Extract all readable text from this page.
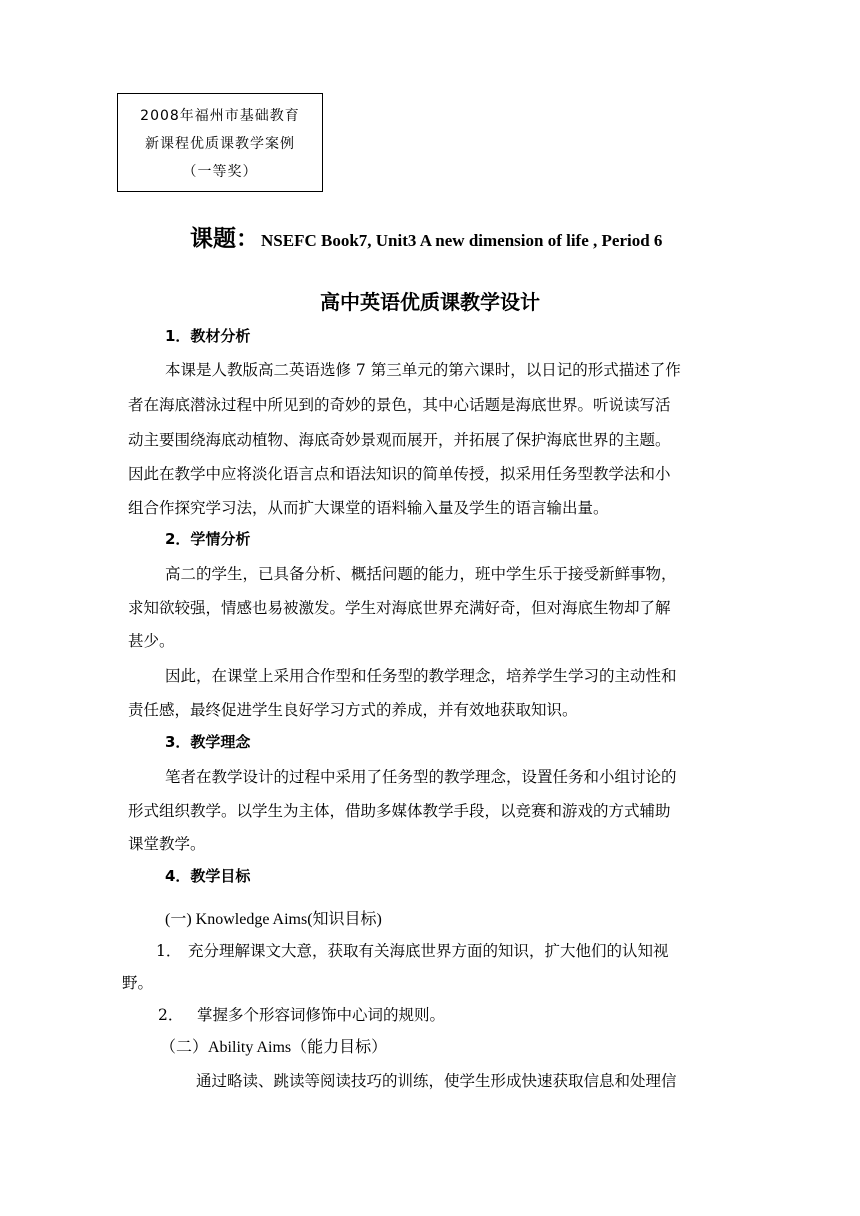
2008年福州市基础教育
新课程优质课教学案例
（一等奖）
课题： NSEFC Book7, Unit3 A new dimension of life , Period 6
高中英语优质课教学设计
1．教材分析
本课是人教版高二英语选修 7 第三单元的第六课时，以日记的形式描述了作
者在海底潜泳过程中所见到的奇妙的景色，其中心话题是海底世界。听说读写活
动主要围绕海底动植物、海底奇妙景观而展开，并拓展了保护海底世界的主题。
因此在教学中应将淡化语言点和语法知识的简单传授，拟采用任务型教学法和小
组合作探究学习法，从而扩大课堂的语料输入量及学生的语言输出量。
2．学情分析
高二的学生，已具备分析、概括问题的能力，班中学生乐于接受新鲜事物，
求知欲较强，情感也易被激发。学生对海底世界充满好奇，但对海底生物却了解
甚少。
因此，在课堂上采用合作型和任务型的教学理念，培养学生学习的主动性和
责任感，最终促进学生良好学习方式的养成，并有效地获取知识。
3．教学理念
笔者在教学设计的过程中采用了任务型的教学理念，设置任务和小组讨论的
形式组织教学。以学生为主体，借助多媒体教学手段，以竞赛和游戏的方式辅助
课堂教学。
4．教学目标
(一) Knowledge Aims(知识目标)
1． 充分理解课文大意，获取有关海底世界方面的知识，扩大他们的认知视
野。
2． 掌握多个形容词修饰中心词的规则。
（二）Ability Aims（能力目标）
通过略读、跳读等阅读技巧的训练，使学生形成快速获取信息和处理信
